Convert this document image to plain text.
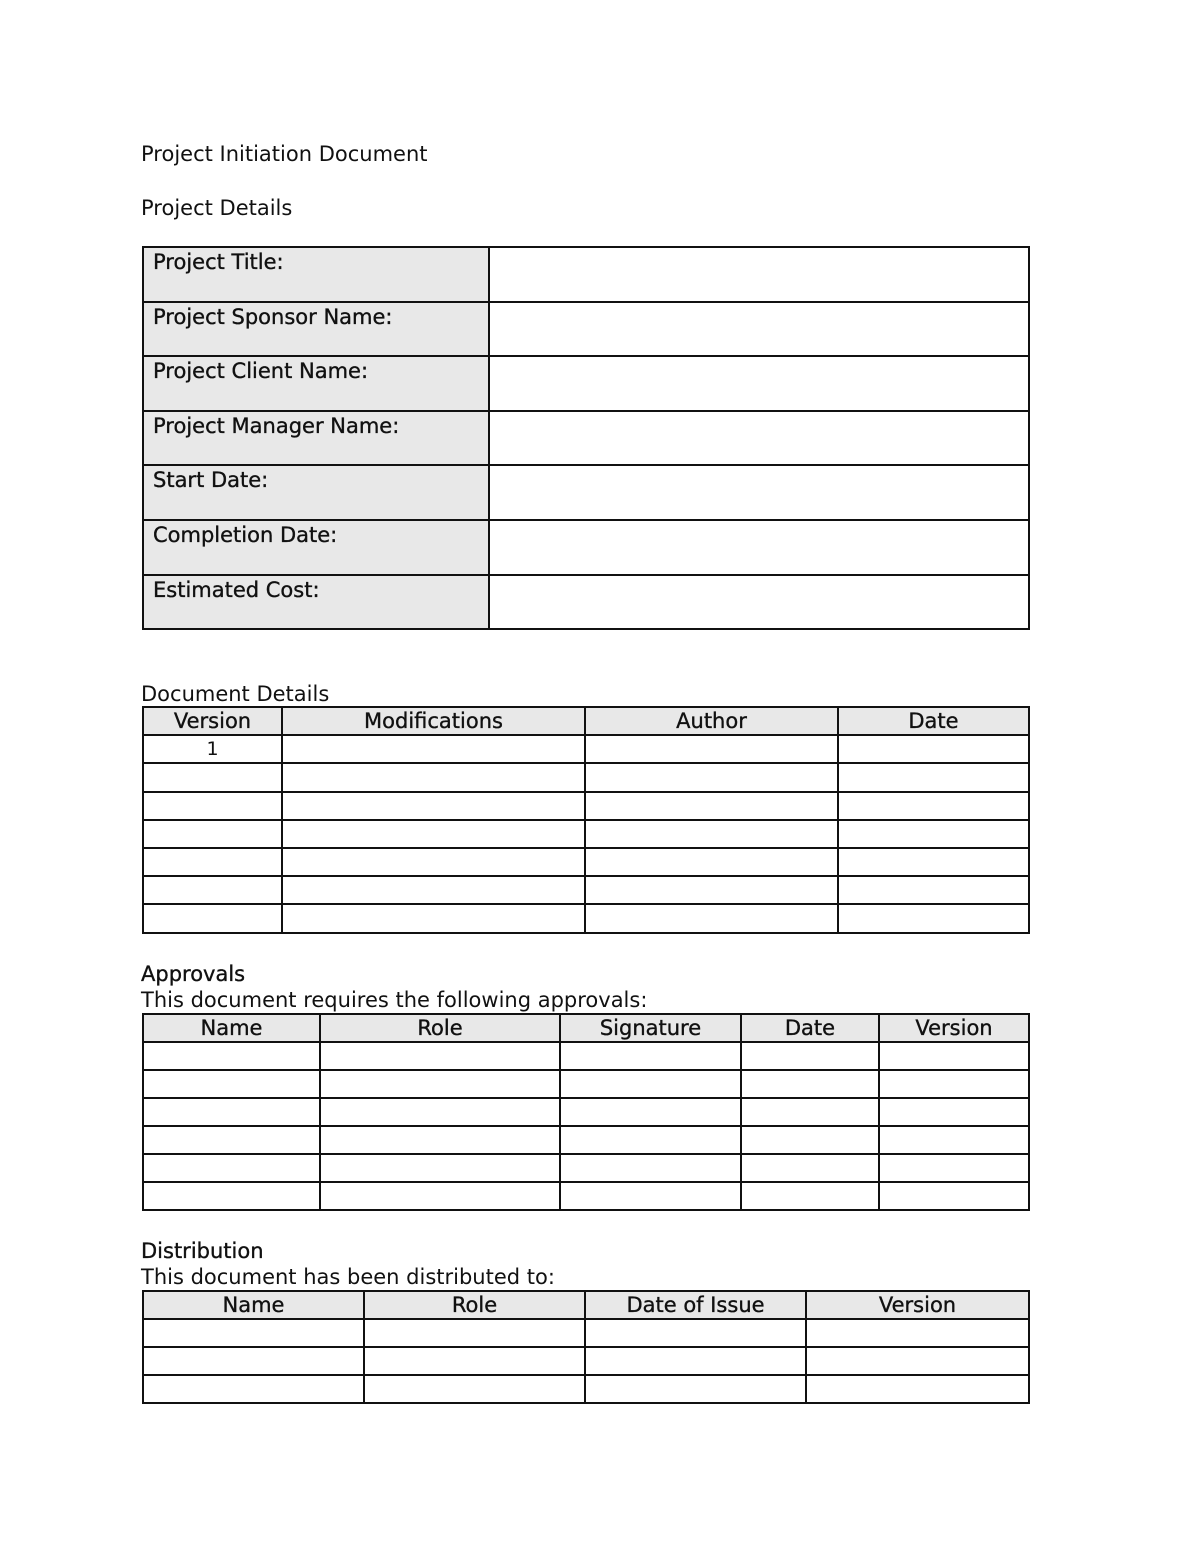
Project Initiation Document
Project Details
Project Title:	
Project Sponsor Name:	
Project Client Name:	
Project Manager Name:	
Start Date:	
Completion Date:	
Estimated Cost:	
Document Details
Version	Modifications	Author	Date
1			

Approvals
This document requires the following approvals:
Name	Role	Signature	Date	Version

Distribution
This document has been distributed to:
Name	Role	Date of Issue	Version
